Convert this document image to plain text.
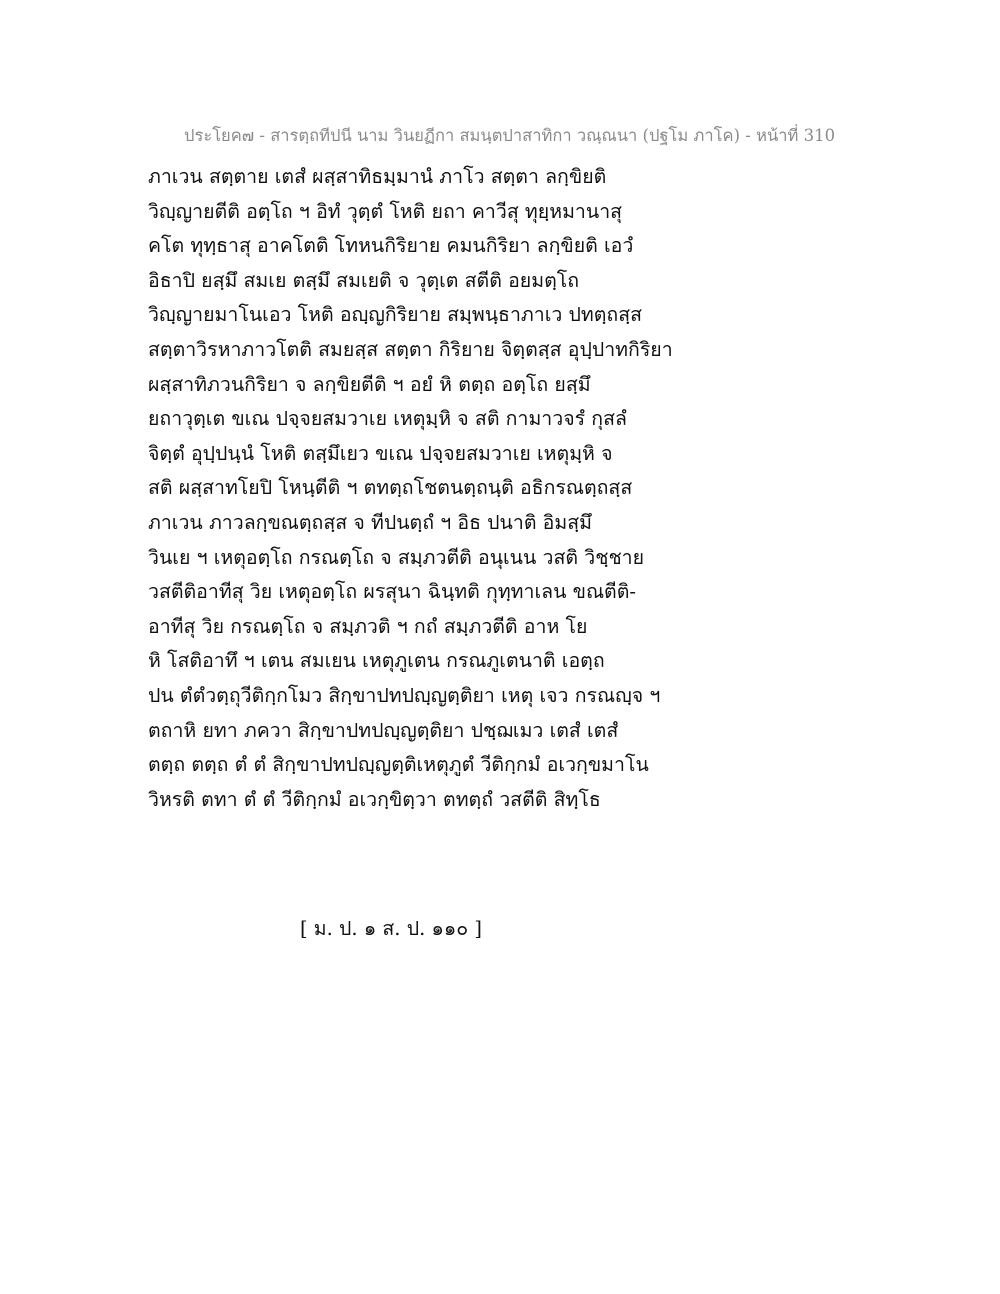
ประโยค๗ - สารตฺถทีปนี นาม วินยฏีกา สมนฺตปาสาทิกา วณฺณนา (ปฐโม ภาโค) - หน้าที่ 310
ภาเวน สตฺตาย เตสํ ผสฺสาทิธมฺมานํ ภาโว สตฺตา ลกฺขิยติ
วิญฺญายตีติ อตฺโถ ฯ อิทํ วุตฺตํ โหติ ยถา คาวีสุ ทุยฺหมานาสุ
คโต ทุทฺธาสุ อาคโตติ โทหนกิริยาย คมนกิริยา ลกฺขิยติ เอวํ
อิธาปิ ยสฺมึ สมเย ตสฺมึ สมเยติ จ วุตฺเต สตีติ อยมตฺโถ
วิญฺญายมาโนเอว โหติ อญฺญกิริยาย สมฺพนฺธาภาเว ปทตฺถสฺส
สตฺตาวิรหาภาวโตติ สมยสฺส สตฺตา กิริยาย จิตฺตสฺส อุปฺปาทกิริยา
ผสฺสาทิภวนกิริยา จ ลกฺขิยตีติ ฯ อยํ หิ ตตฺถ อตฺโถ ยสฺมึ
ยถาวุตฺเต ขเณ ปจฺจยสมวาเย เหตุมฺหิ จ สติ กามาวจรํ กุสลํ
จิตฺตํ อุปฺปนฺนํ โหติ ตสฺมึเยว ขเณ ปจฺจยสมวาเย เหตุมฺหิ จ
สติ ผสฺสาทโยปิ โหนฺตีติ ฯ ตทตฺถโชตนตฺถนฺติ อธิกรณตฺถสฺส
ภาเวน ภาวลกฺขณตฺถสฺส จ ทีปนตฺถํ ฯ อิธ ปนาติ อิมสฺมึ
วินเย ฯ เหตุอตฺโถ กรณตฺโถ จ สมฺภวตีติ อนุเนน วสติ วิชฺชาย
วสตีติอาทีสุ วิย เหตุอตฺโถ ผรสุนา ฉินฺทติ กุทฺทาเลน ขณตีติ-
อาทีสุ วิย กรณตฺโถ จ สมฺภวติ ฯ กถํ สมฺภวตีติ อาห โย
หิ โสติอาทึ ฯ เตน สมเยน เหตุภูเตน กรณภูเตนาติ เอตฺถ
ปน ตํตํวตฺถุวีติกฺกโมว สิกฺขาปทปญฺญตฺติยา เหตุ เจว กรณญฺจ ฯ
ตถาหิ ยทา ภควา สิกฺขาปทปญฺญตฺติยา ปชฺฌเมว เตสํ เตสํ
ตตฺถ ตตฺถ ตํ ตํ สิกฺขาปทปญฺญตฺติเหตุภูตํ วีติกฺกมํ อเวกฺขมาโน
วิหรติ ตทา ตํ ตํ วีติกฺกมํ อเวกฺขิตฺวา ตทตฺถํ วสตีติ สิทฺโธ
[ ม. ป. ๑ ส. ป. ๑๑๐ ]
